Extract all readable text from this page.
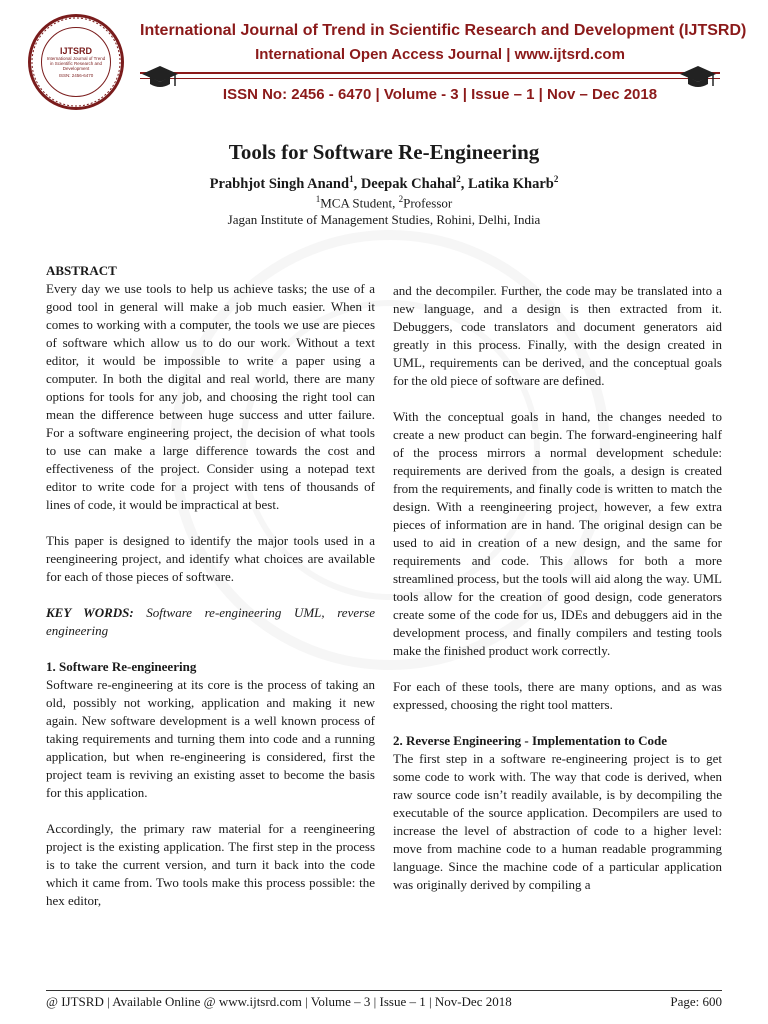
IJTSRD
International Journal of Trend in Scientific Research and Development
ISSN: 2456-6470
International Journal of Trend in Scientific Research and Development (IJTSRD)
International Open Access Journal | www.ijtsrd.com
ISSN No: 2456 - 6470 | Volume - 3 | Issue – 1 | Nov – Dec 2018
Tools for Software Re-Engineering
Prabhjot Singh Anand$^1$, Deepak Chahal$^2$, Latika Kharb$^2$
$^1$MCA Student, $^2$Professor
Jagan Institute of Management Studies, Rohini, Delhi, India

ABSTRACT

Every day we use tools to help us achieve tasks; the use of a good tool in general will make a job much easier. When it comes to working with a computer, the tools we use are pieces of software which allow us to do our work. Without a text editor, it would be impossible to write a paper using a computer. In both the digital and real world, there are many options for tools for any job, and choosing the right tool can mean the difference between huge success and utter failure. For a software engineering project, the decision of what tools to use can make a large difference towards the cost and effectiveness of the project. Consider using a notepad text editor to write code for a project with tens of thousands of lines of code, it would be impractical at best.

This paper is designed to identify the major tools used in a reengineering project, and identify what choices are available for each of those pieces of software.

KEY WORDS: Software re-engineering UML, reverse engineering

1. Software Re-engineering

Software re-engineering at its core is the process of taking an old, possibly not working, application and making it new again. New software development is a well known process of taking requirements and turning them into code and a running application, but when re-engineering is considered, first the project team is reviving an existing asset to become the basis for this application.

Accordingly, the primary raw material for a reengineering project is the existing application. The first step in the process is to take the current version, and turn it back into the code which it came from. Two tools make this process possible: the hex editor,

and the decompiler. Further, the code may be translated into a new language, and a design is then extracted from it. Debuggers, code translators and document generators aid greatly in this process. Finally, with the design created in UML, requirements can be derived, and the conceptual goals for the old piece of software are defined.

With the conceptual goals in hand, the changes needed to create a new product can begin. The forward-engineering half of the process mirrors a normal development schedule: requirements are derived from the goals, a design is created from the requirements, and finally code is written to match the design. With a reengineering project, however, a few extra pieces of information are in hand. The original design can be used to aid in creation of a new design, and the same for requirements and code. This allows for both a more streamlined process, but the tools will aid along the way. UML tools allow for the creation of good design, code generators create some of the code for us, IDEs and debuggers aid in the development process, and finally compilers and testing tools make the finished product work correctly.

For each of these tools, there are many options, and as was expressed, choosing the right tool matters.

2. Reverse Engineering - Implementation to Code

The first step in a software re-engineering project is to get some code to work with. The way that code is derived, when raw source code isn’t readily available, is by decompiling the executable of the source application. Decompilers are used to increase the level of abstraction of code to a higher level: move from machine code to a human readable programming language. Since the machine code of a particular application was originally derived by compiling a

@ IJTSRD | Available Online @ www.ijtsrd.com | Volume – 3 | Issue – 1 | Nov-Dec 2018	Page: 600
